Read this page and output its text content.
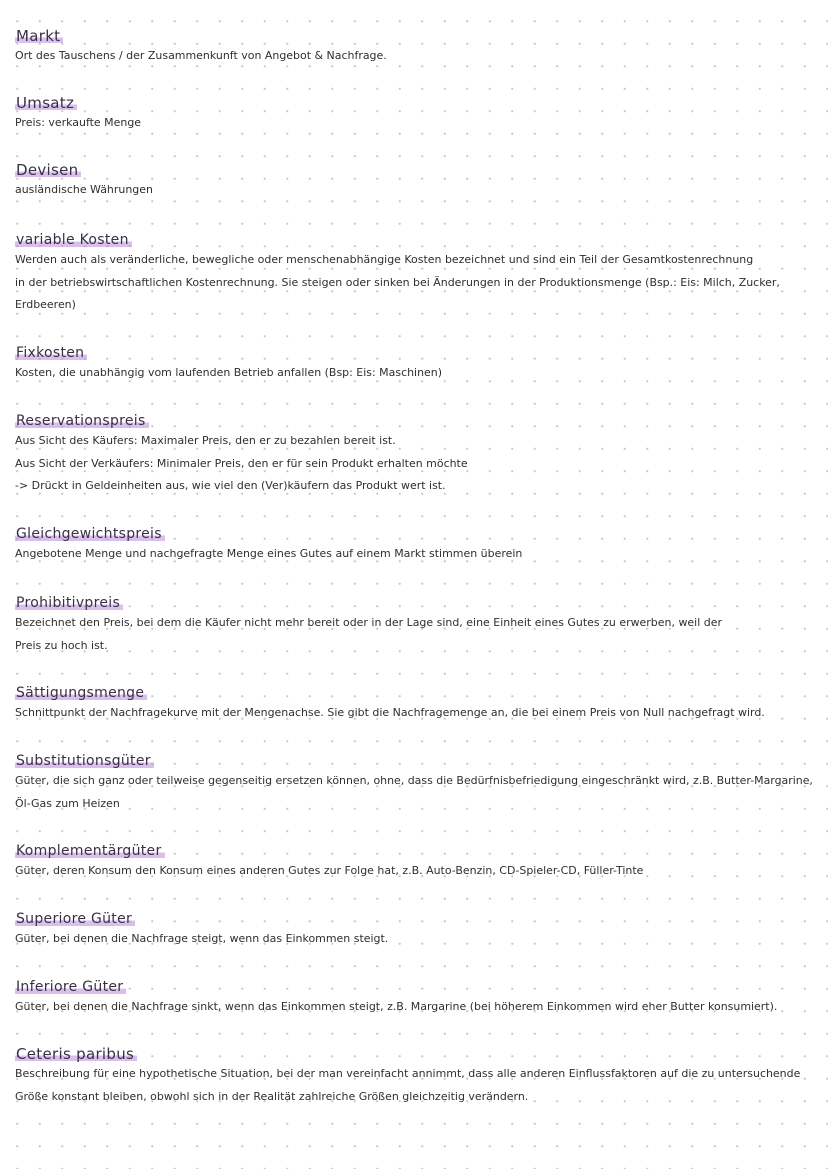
Markt
Ort des Tauschens / der Zusammenkunft von Angebot & Nachfrage.
Umsatz
Preis: verkaufte Menge
Devisen
ausländische Währungen
variable Kosten
Werden auch als veränderliche, bewegliche oder menschenabhängige Kosten bezeichnet und sind ein Teil der Gesamtkostenrechnung
in der betriebswirtschaftlichen Kostenrechnung. Sie steigen oder sinken bei Änderungen in der Produktionsmenge (Bsp.: Eis: Milch, Zucker,
Erdbeeren)
Fixkosten
Kosten, die unabhängig vom laufenden Betrieb anfallen (Bsp: Eis: Maschinen)
Reservationspreis
Aus Sicht des Käufers: Maximaler Preis, den er zu bezahlen bereit ist.
Aus Sicht der Verkäufers: Minimaler Preis, den er für sein Produkt erhalten möchte
-> Drückt in Geldeinheiten aus, wie viel den (Ver)käufern das Produkt wert ist.
Gleichgewichtspreis
Angebotene Menge und nachgefragte Menge eines Gutes auf einem Markt stimmen überein
Prohibitivpreis
Bezeichnet den Preis, bei dem die Käufer nicht mehr bereit oder in der Lage sind, eine Einheit eines Gutes zu erwerben, weil der
Preis zu hoch ist.
Sättigungsmenge
Schnittpunkt der Nachfragekurve mit der Mengenachse. Sie gibt die Nachfragemenge an, die bei einem Preis von Null nachgefragt wird.
Substitutionsgüter
Güter, die sich ganz oder teilweise gegenseitig ersetzen können, ohne, dass die Bedürfnisbefriedigung eingeschränkt wird, z.B. Butter-Margarine,
Öl-Gas zum Heizen
Komplementärgüter
Güter, deren Konsum den Konsum eines anderen Gutes zur Folge hat, z.B. Auto-Benzin, CD-Spieler-CD, Füller-Tinte
Superiore Güter
Güter, bei denen die Nachfrage steigt, wenn das Einkommen steigt.
Inferiore Güter
Güter, bei denen die Nachfrage sinkt, wenn das Einkommen steigt, z.B. Margarine (bei höherem Einkommen wird eher Butter konsumiert).
Ceteris paribus
Beschreibung für eine hypothetische Situation, bei der man vereinfacht annimmt, dass alle anderen Einflussfaktoren auf die zu untersuchende
Größe konstant bleiben, obwohl sich in der Realität zahlreiche Größen gleichzeitig verändern.
